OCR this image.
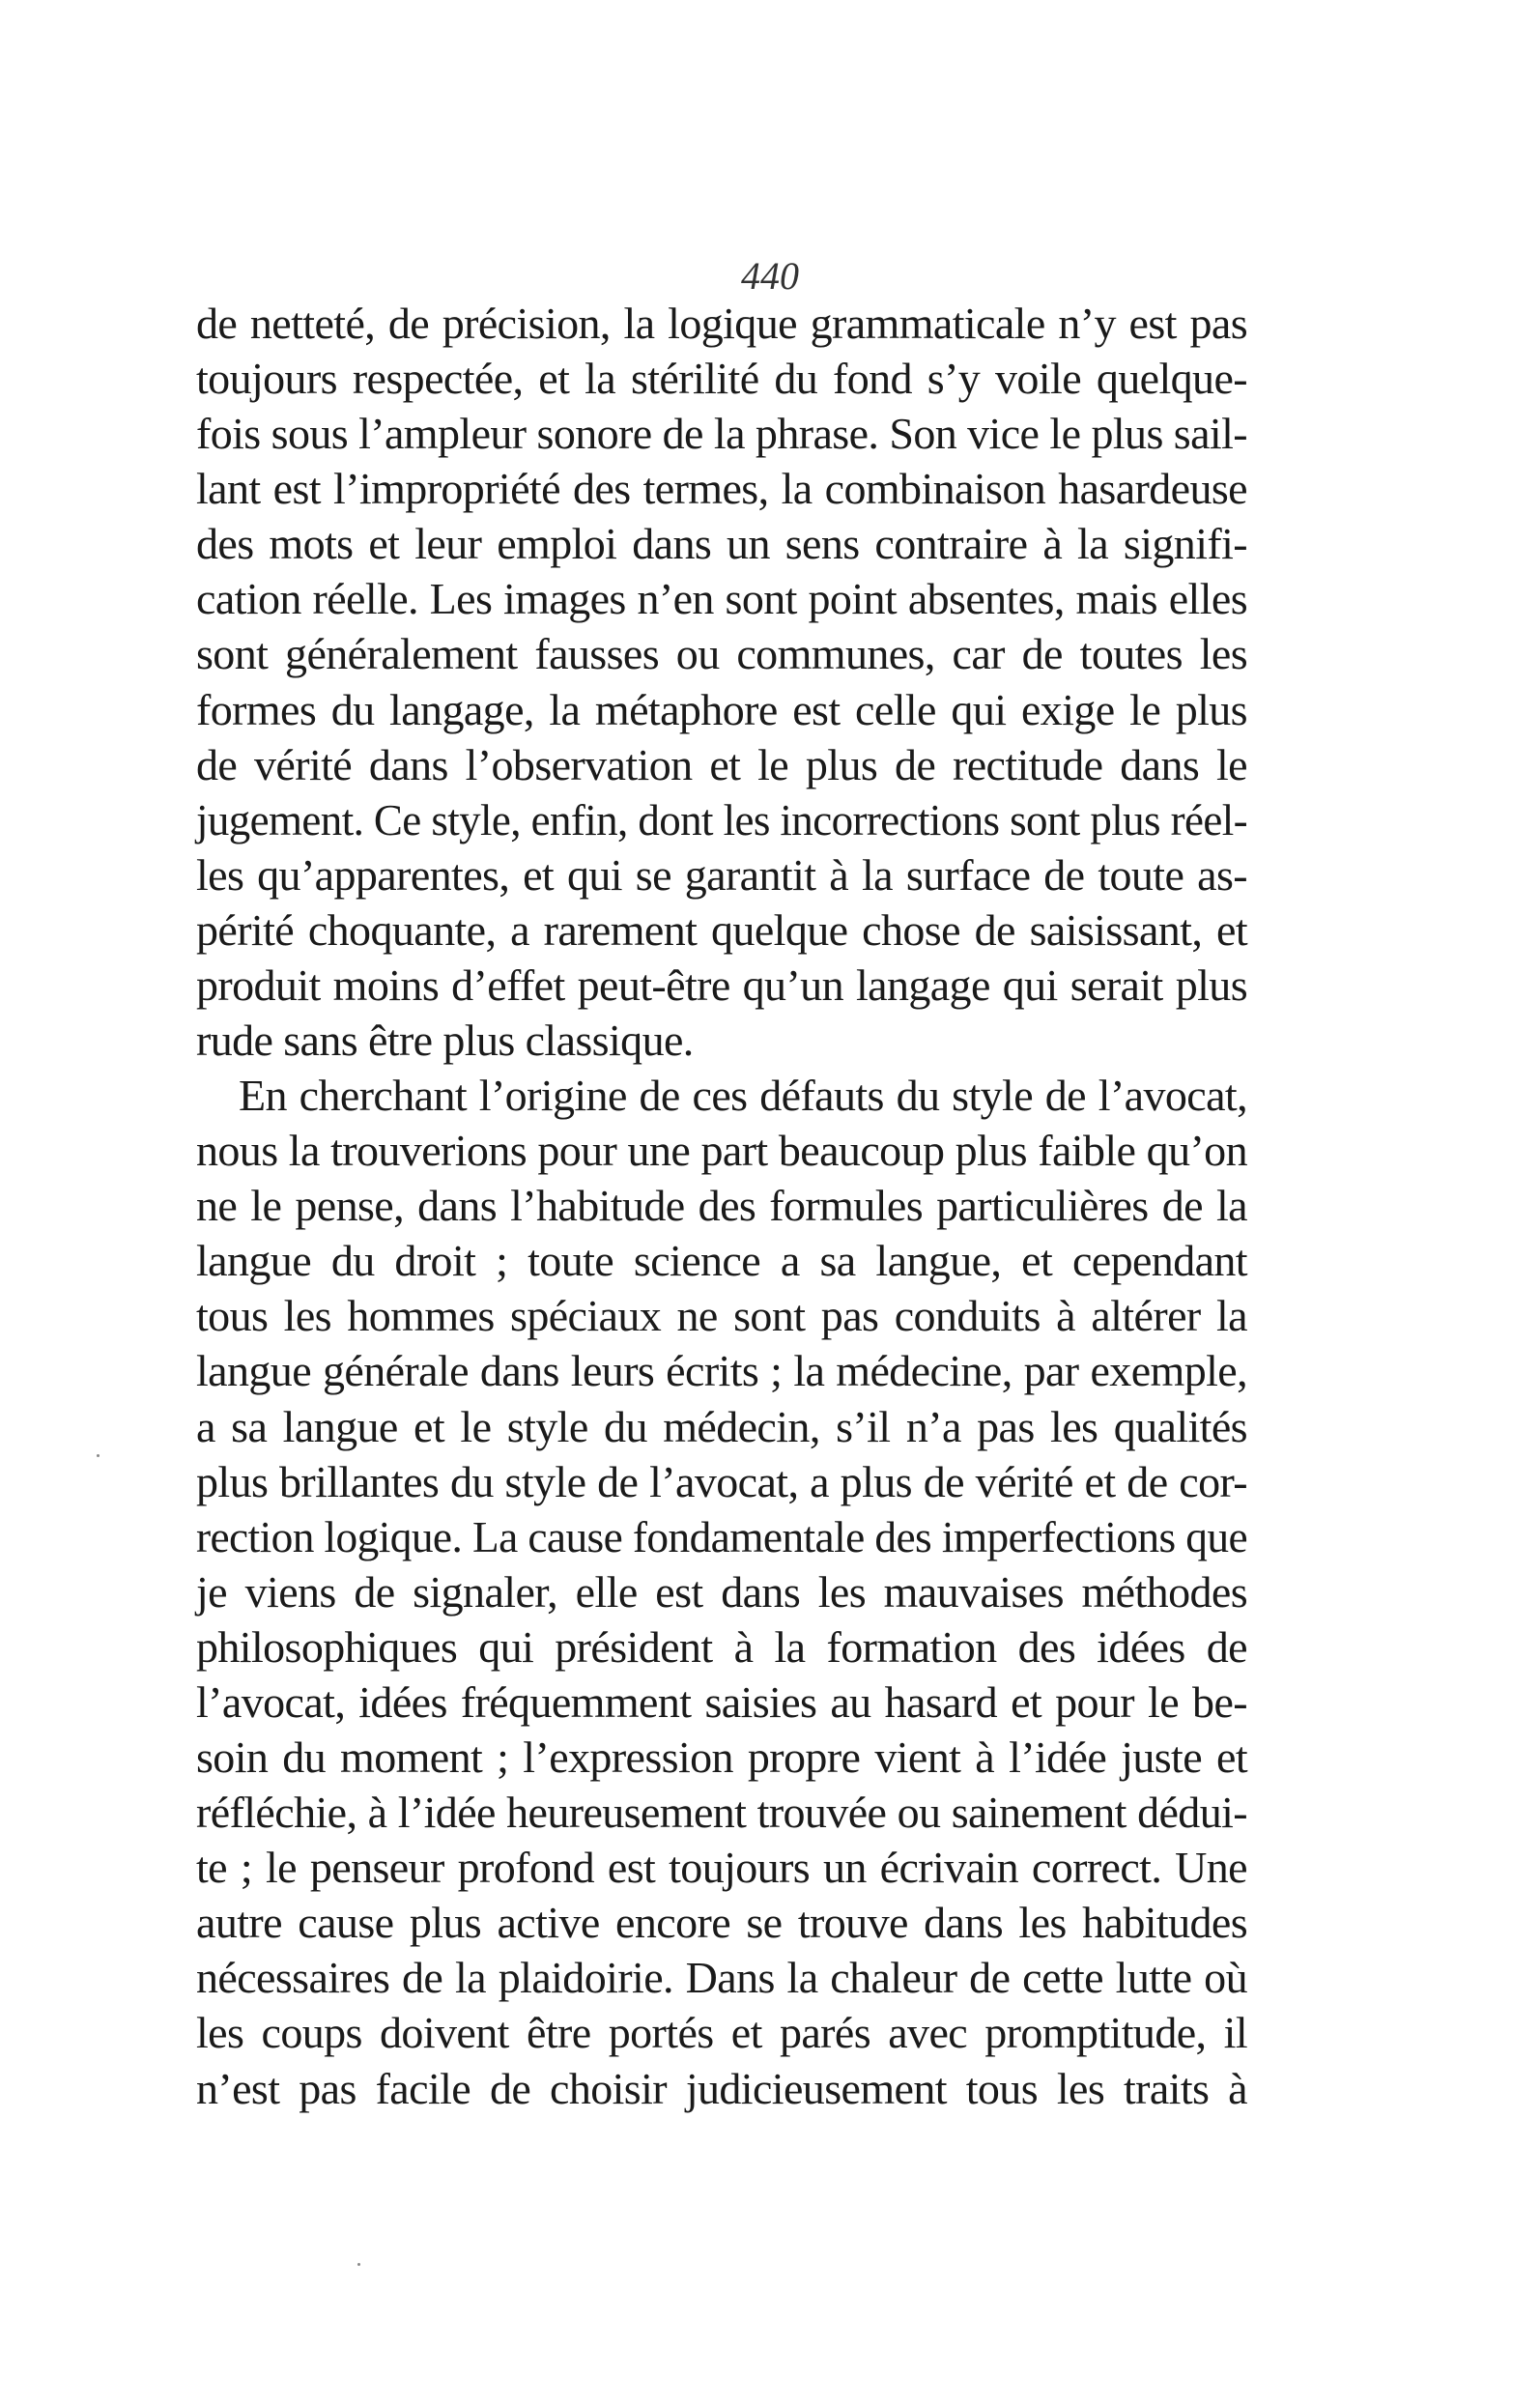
440
de netteté, de précision, la logique grammaticale n’y est pas
toujours respectée, et la stérilité du fond s’y voile quelque-
fois sous l’ampleur sonore de la phrase. Son vice le plus sail-
lant est l’impropriété des termes, la combinaison hasardeuse
des mots et leur emploi dans un sens contraire à la signifi-
cation réelle. Les images n’en sont point absentes, mais elles
sont généralement fausses ou communes, car de toutes les
formes du langage, la métaphore est celle qui exige le plus
de vérité dans l’observation et le plus de rectitude dans le
jugement. Ce style, enfin, dont les incorrections sont plus réel-
les qu’apparentes, et qui se garantit à la surface de toute as-
périté choquante, a rarement quelque chose de saisissant, et
produit moins d’effet peut-être qu’un langage qui serait plus
rude sans être plus classique.
En cherchant l’origine de ces défauts du style de l’avocat,
nous la trouverions pour une part beaucoup plus faible qu’on
ne le pense, dans l’habitude des formules particulières de la
langue du droit ; toute science a sa langue, et cependant
tous les hommes spéciaux ne sont pas conduits à altérer la
langue générale dans leurs écrits ; la médecine, par exemple,
a sa langue et le style du médecin, s’il n’a pas les qualités
plus brillantes du style de l’avocat, a plus de vérité et de cor-
rection logique. La cause fondamentale des imperfections que
je viens de signaler, elle est dans les mauvaises méthodes
philosophiques qui président à la formation des idées de
l’avocat, idées fréquemment saisies au hasard et pour le be-
soin du moment ; l’expression propre vient à l’idée juste et
réfléchie, à l’idée heureusement trouvée ou sainement dédui-
te ; le penseur profond est toujours un écrivain correct. Une
autre cause plus active encore se trouve dans les habitudes
nécessaires de la plaidoirie. Dans la chaleur de cette lutte où
les coups doivent être portés et parés avec promptitude, il
n’est pas facile de choisir judicieusement tous les traits à
